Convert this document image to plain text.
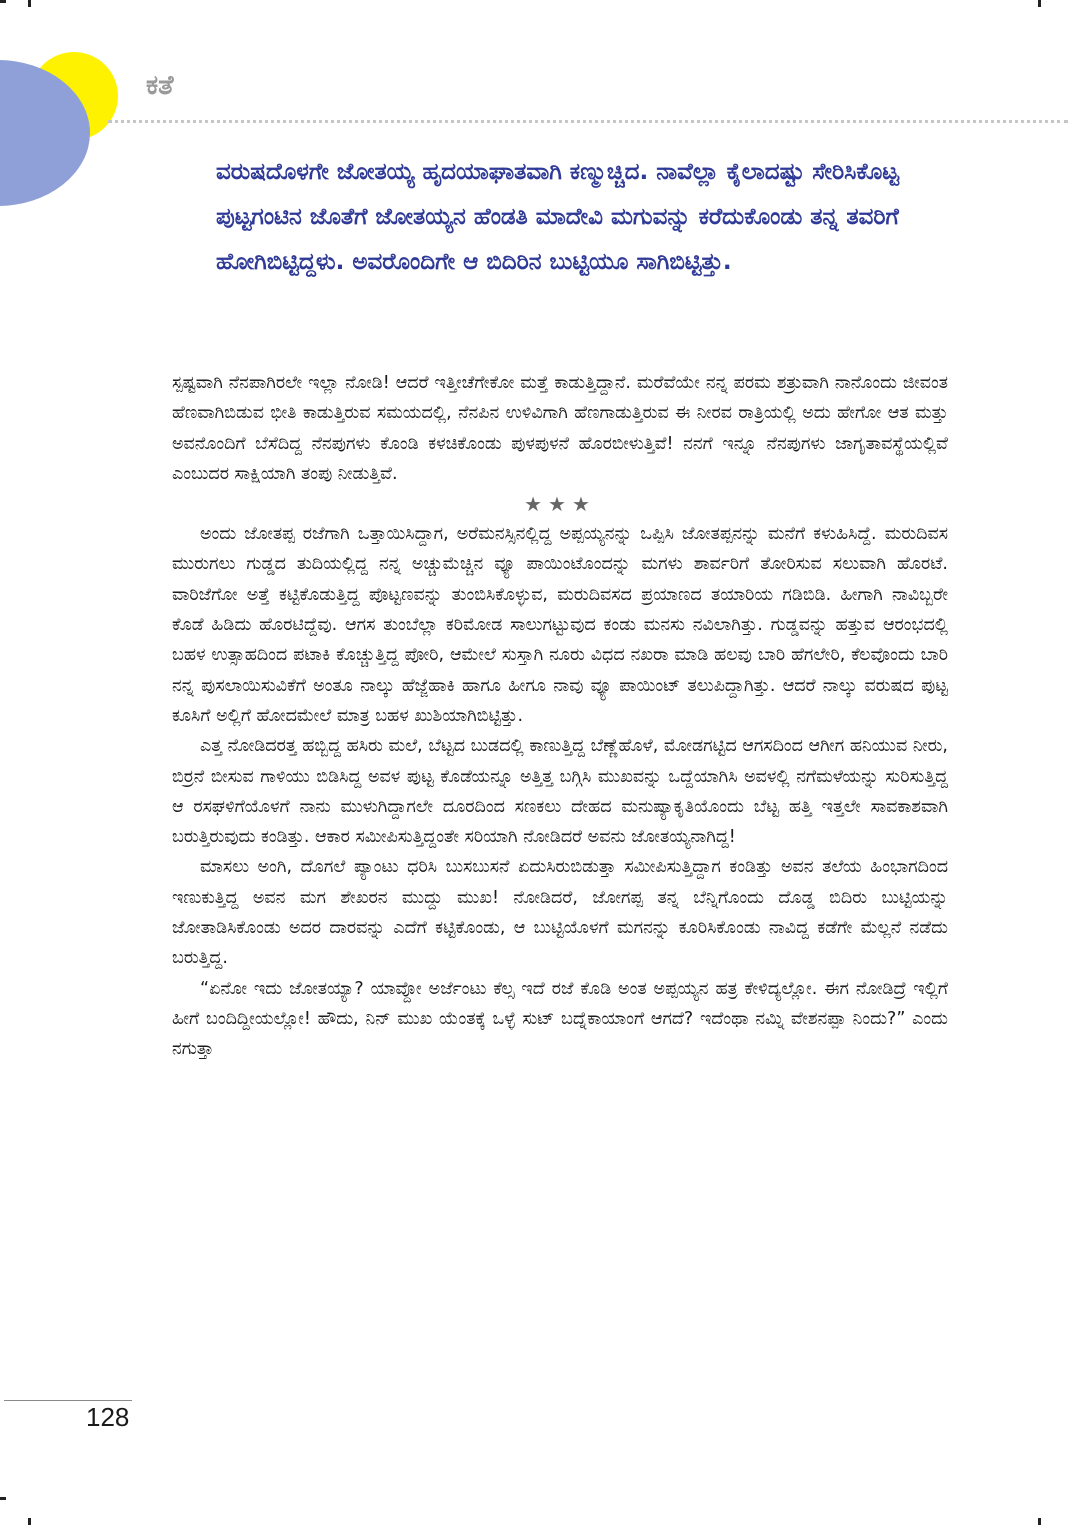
ಕತೆ

ವರುಷದೊಳಗೇ ಜೋತಯ್ಯ ಹೃದಯಾಘಾತವಾಗಿ ಕಣ್ಮುಚ್ಚಿದ. ನಾವೆಲ್ಲಾ ಕೈಲಾದಷ್ಟು ಸೇರಿಸಿಕೊಟ್ಟ ಪುಟ್ಟಗಂಟಿನ ಜೊತೆಗೆ ಜೋತಯ್ಯನ ಹೆಂಡತಿ ಮಾದೇವಿ ಮಗುವನ್ನು ಕರೆದುಕೊಂಡು ತನ್ನ ತವರಿಗೆ ಹೋಗಿಬಿಟ್ಟಿದ್ದಳು. ಅವರೊಂದಿಗೇ ಆ ಬಿದಿರಿನ ಬುಟ್ಟಿಯೂ ಸಾಗಿಬಿಟ್ಟಿತ್ತು.

ಸ್ಪಷ್ಟವಾಗಿ ನೆನಪಾಗಿರಲೇ ಇಲ್ಲಾ ನೋಡಿ! ಆದರೆ ಇತ್ತೀಚೆಗೇಕೋ ಮತ್ತೆ ಕಾಡುತ್ತಿದ್ದಾನೆ. ಮರೆವೆಯೇ ನನ್ನ ಪರಮ ಶತ್ರುವಾಗಿ ನಾನೊಂದು ಜೀವಂತ ಹೆಣವಾಗಿಬಿಡುವ ಭೀತಿ ಕಾಡುತ್ತಿರುವ ಸಮಯದಲ್ಲಿ, ನೆನಪಿನ ಉಳಿವಿಗಾಗಿ ಹೆಣಗಾಡುತ್ತಿರುವ ಈ ನೀರವ ರಾತ್ರಿಯಲ್ಲಿ ಅದು ಹೇಗೋ ಆತ ಮತ್ತು ಅವನೊಂದಿಗೆ ಬೆಸೆದಿದ್ದ ನೆನಪುಗಳು ಕೊಂಡಿ ಕಳಚಿಕೊಂಡು ಪುಳಪುಳನೆ ಹೊರಬೀಳುತ್ತಿವೆ! ನನಗೆ ಇನ್ನೂ ನೆನಪುಗಳು ಜಾಗೃತಾವಸ್ಥೆಯಲ್ಲಿವೆ ಎಂಬುದರ ಸಾಕ್ಷಿಯಾಗಿ ತಂಪು ನೀಡುತ್ತಿವೆ.

★★★

ಅಂದು ಜೋತಪ್ಪ ರಜೆಗಾಗಿ ಒತ್ತಾಯಿಸಿದ್ದಾಗ, ಅರೆಮನಸ್ಸಿನಲ್ಲಿದ್ದ ಅಪ್ಪಯ್ಯನನ್ನು ಒಪ್ಪಿಸಿ ಜೋತಪ್ಪನನ್ನು ಮನೆಗೆ ಕಳುಹಿಸಿದ್ದೆ. ಮರುದಿವಸ ಮುರುಗಲು ಗುಡ್ಡದ ತುದಿಯಲ್ಲಿದ್ದ ನನ್ನ ಅಚ್ಚುಮೆಚ್ಚಿನ ವ್ಯೂ ಪಾಯಿಂಟೊಂದನ್ನು ಮಗಳು ಶಾರ್ವರಿಗೆ ತೋರಿಸುವ ಸಲುವಾಗಿ ಹೊರಟೆ. ವಾರಿಜೆಗೋ ಅತ್ತೆ ಕಟ್ಟಿಕೊಡುತ್ತಿದ್ದ ಪೊಟ್ಟಣವನ್ನು ತುಂಬಿಸಿಕೊಳ್ಳುವ, ಮರುದಿವಸದ ಪ್ರಯಾಣದ ತಯಾರಿಯ ಗಡಿಬಿಡಿ. ಹೀಗಾಗಿ ನಾವಿಬ್ಬರೇ ಕೊಡೆ ಹಿಡಿದು ಹೊರಟಿದ್ದೆವು. ಆಗಸ ತುಂಬೆಲ್ಲಾ ಕರಿಮೋಡ ಸಾಲುಗಟ್ಟುವುದ ಕಂಡು ಮನಸು ನವಿಲಾಗಿತ್ತು. ಗುಡ್ಡವನ್ನು ಹತ್ತುವ ಆರಂಭದಲ್ಲಿ ಬಹಳ ಉತ್ಸಾಹದಿಂದ ಪಟಾಕಿ ಕೊಚ್ಚುತ್ತಿದ್ದ ಪೋರಿ, ಆಮೇಲೆ ಸುಸ್ತಾಗಿ ನೂರು ವಿಧದ ನಖರಾ ಮಾಡಿ ಹಲವು ಬಾರಿ ಹೆಗಲೇರಿ, ಕೆಲವೊಂದು ಬಾರಿ ನನ್ನ ಪುಸಲಾಯಿಸುವಿಕೆಗೆ ಅಂತೂ ನಾಲ್ಕು ಹೆಜ್ಜೆಹಾಕಿ ಹಾಗೂ ಹೀಗೂ ನಾವು ವ್ಯೂ ಪಾಯಿಂಟ್ ತಲುಪಿದ್ದಾಗಿತ್ತು. ಆದರೆ ನಾಲ್ಕು ವರುಷದ ಪುಟ್ಟ ಕೂಸಿಗೆ ಅಲ್ಲಿಗೆ ಹೋದಮೇಲೆ ಮಾತ್ರ ಬಹಳ ಖುಶಿಯಾಗಿಬಿಟ್ಟಿತ್ತು.

ಎತ್ತ ನೋಡಿದರತ್ತ ಹಬ್ಬಿದ್ದ ಹಸಿರು ಮಲೆ, ಬೆಟ್ಟದ ಬುಡದಲ್ಲಿ ಕಾಣುತ್ತಿದ್ದ ಬೆಣ್ಣೆಹೊಳೆ, ಮೋಡಗಟ್ಟಿದ ಆಗಸದಿಂದ ಆಗೀಗ ಹನಿಯುವ ನೀರು, ಬಿರ್ರನೆ ಬೀಸುವ ಗಾಳಿಯು ಬಿಡಿಸಿದ್ದ ಅವಳ ಪುಟ್ಟ ಕೊಡೆಯನ್ನೂ ಅತ್ತಿತ್ತ ಬಗ್ಗಿಸಿ ಮುಖವನ್ನು ಒದ್ದೆಯಾಗಿಸಿ ಅವಳಲ್ಲಿ ನಗೆಮಳೆಯನ್ನು ಸುರಿಸುತ್ತಿದ್ದ ಆ ರಸಘಳಿಗೆಯೊಳಗೆ ನಾನು ಮುಳುಗಿದ್ದಾಗಲೇ ದೂರದಿಂದ ಸಣಕಲು ದೇಹದ ಮನುಷ್ಯಾಕೃತಿಯೊಂದು ಬೆಟ್ಟ ಹತ್ತಿ ಇತ್ತಲೇ ಸಾವಕಾಶವಾಗಿ ಬರುತ್ತಿರುವುದು ಕಂಡಿತ್ತು. ಆಕಾರ ಸಮೀಪಿಸುತ್ತಿದ್ದಂತೇ ಸರಿಯಾಗಿ ನೋಡಿದರೆ ಅವನು ಜೋತಯ್ಯನಾಗಿದ್ದ!

ಮಾಸಲು ಅಂಗಿ, ದೊಗಲೆ ಪ್ಯಾಂಟು ಧರಿಸಿ ಬುಸಬುಸನೆ ಏದುಸಿರುಬಿಡುತ್ತಾ ಸಮೀಪಿಸುತ್ತಿದ್ದಾಗ ಕಂಡಿತ್ತು ಅವನ ತಲೆಯ ಹಿಂಭಾಗದಿಂದ ಇಣುಕುತ್ತಿದ್ದ ಅವನ ಮಗ ಶೇಖರನ ಮುದ್ದು ಮುಖ! ನೋಡಿದರೆ, ಜೋಗಪ್ಪ ತನ್ನ ಬೆನ್ನಿಗೊಂದು ದೊಡ್ಡ ಬಿದಿರು ಬುಟ್ಟಿಯನ್ನು ಜೋತಾಡಿಸಿಕೊಂಡು ಅದರ ದಾರವನ್ನು ಎದೆಗೆ ಕಟ್ಟಿಕೊಂಡು, ಆ ಬುಟ್ಟಿಯೊಳಗೆ ಮಗನನ್ನು ಕೂರಿಸಿಕೊಂಡು ನಾವಿದ್ದ ಕಡೆಗೇ ಮೆಲ್ಲನೆ ನಡೆದು ಬರುತ್ತಿದ್ದ.

“ಏನೋ ಇದು ಜೋತಯ್ಯಾ? ಯಾವ್ದೋ ಅರ್ಜೆಂಟು ಕೆಲ್ಸ ಇದೆ ರಜೆ ಕೊಡಿ ಅಂತ ಅಪ್ಪಯ್ಯನ ಹತ್ರ ಕೇಳಿದ್ಯಲ್ಲೋ. ಈಗ ನೋಡಿದ್ರೆ ಇಲ್ಲಿಗೆ ಹೀಗೆ ಬಂದಿದ್ದೀಯಲ್ಲೋ! ಹೌದು, ನಿನ್ ಮುಖ ಯೆಂತಕ್ಕೆ ಒಳ್ಳೆ ಸುಟ್ ಬದ್ನೆಕಾಯಾಂಗೆ ಆಗದೆ? ಇದೆಂಥಾ ನಮ್ನಿ ವೇಶನಪ್ಪಾ ನಿಂದು?” ಎಂದು ನಗುತ್ತಾ

128
